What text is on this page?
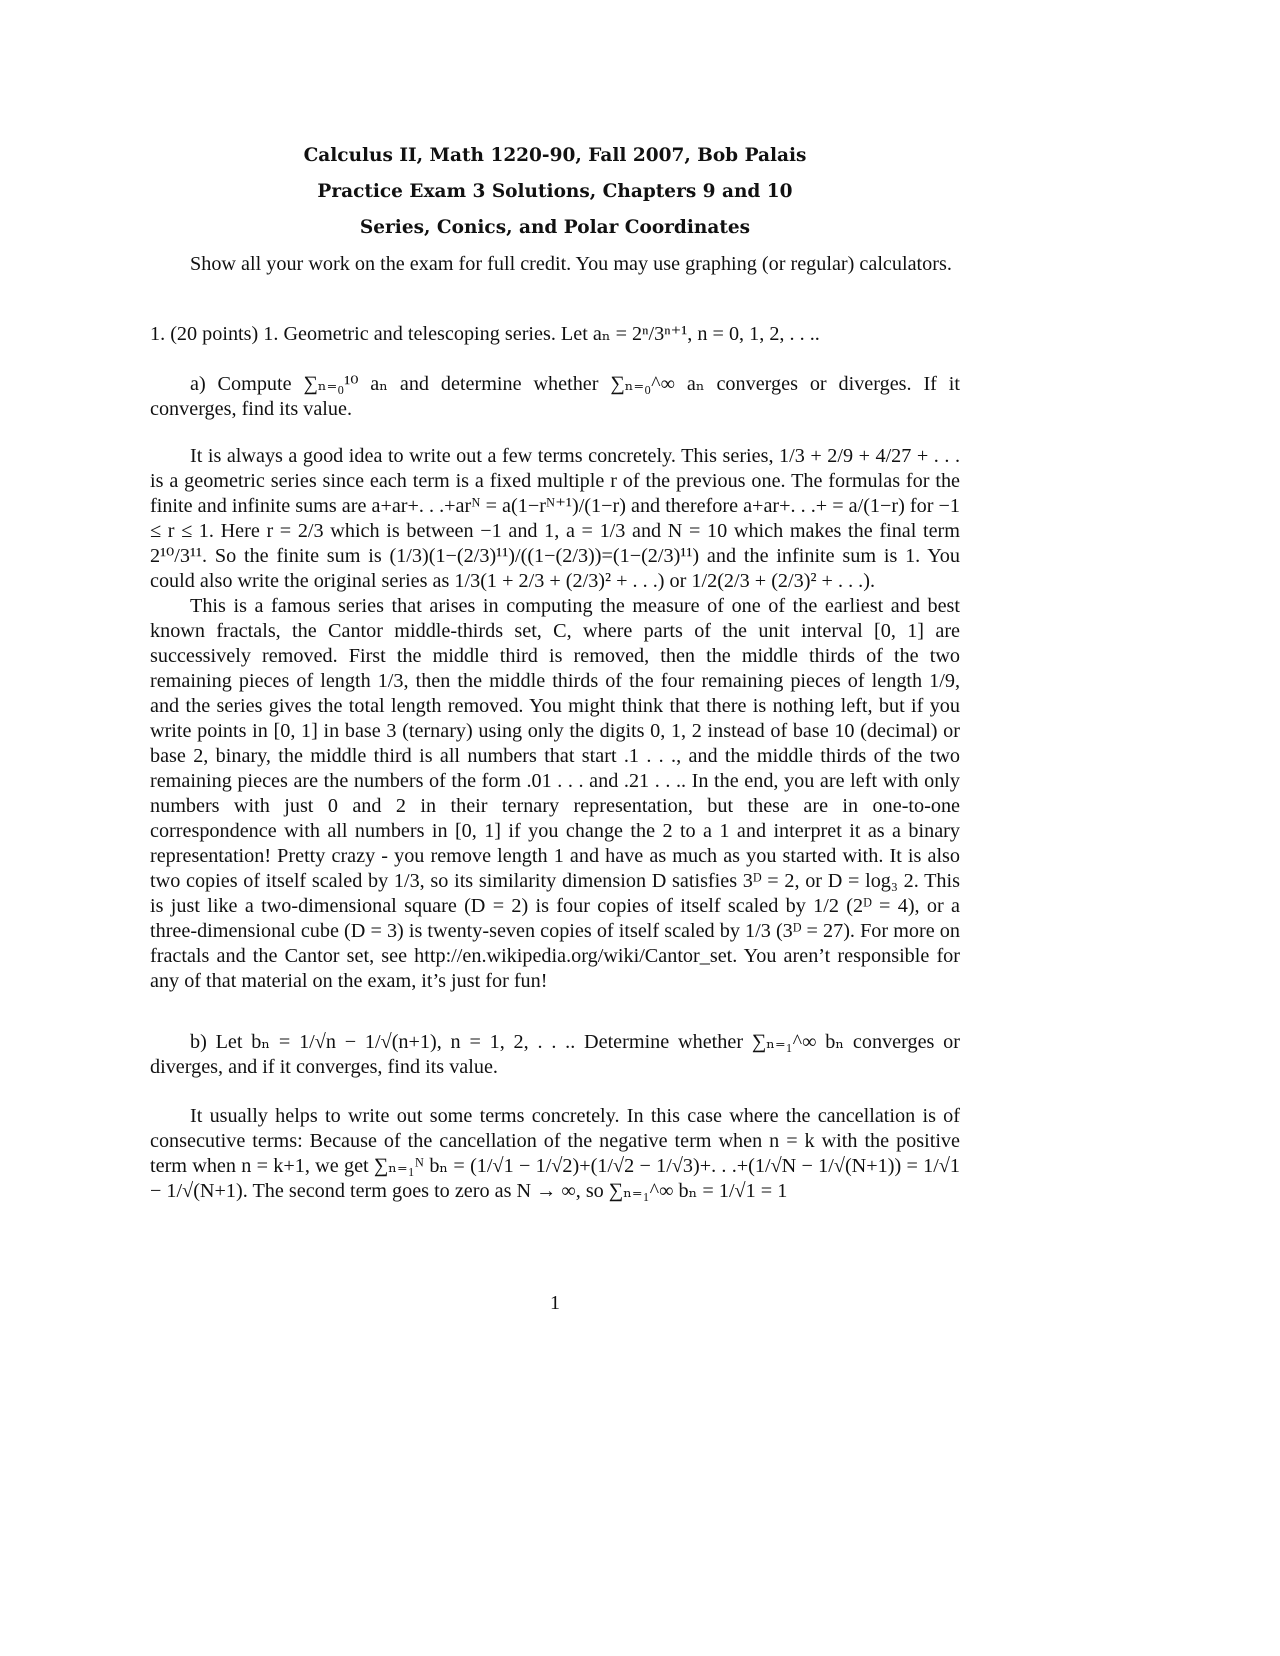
Calculus II, Math 1220-90, Fall 2007, Bob Palais
Practice Exam 3 Solutions, Chapters 9 and 10
Series, Conics, and Polar Coordinates

Show all your work on the exam for full credit. You may use graphing (or regular) calculators.

1. (20 points) 1. Geometric and telescoping series. Let aₙ = 2ⁿ/3ⁿ⁺¹, n = 0, 1, 2, . . ..

a) Compute ∑ₙ₌₀¹⁰ aₙ and determine whether ∑ₙ₌₀^∞ aₙ converges or diverges. If it converges, find its value.

It is always a good idea to write out a few terms concretely. This series, 1/3 + 2/9 + 4/27 + . . . is a geometric series since each term is a fixed multiple r of the previous one. The formulas for the finite and infinite sums are a+ar+. . .+arᴺ = a(1−rᴺ⁺¹)/(1−r) and therefore a+ar+. . .+ = a/(1−r) for −1 ≤ r ≤ 1. Here r = 2/3 which is between −1 and 1, a = 1/3 and N = 10 which makes the final term 2¹⁰/3¹¹. So the finite sum is (1/3)(1−(2/3)¹¹)/((1−(2/3))=(1−(2/3)¹¹) and the infinite sum is 1. You could also write the original series as 1/3(1 + 2/3 + (2/3)² + . . .) or 1/2(2/3 + (2/3)² + . . .).

This is a famous series that arises in computing the measure of one of the earliest and best known fractals, the Cantor middle-thirds set, C, where parts of the unit interval [0, 1] are successively removed. First the middle third is removed, then the middle thirds of the two remaining pieces of length 1/3, then the middle thirds of the four remaining pieces of length 1/9, and the series gives the total length removed. You might think that there is nothing left, but if you write points in [0, 1] in base 3 (ternary) using only the digits 0, 1, 2 instead of base 10 (decimal) or base 2, binary, the middle third is all numbers that start .1 . . ., and the middle thirds of the two remaining pieces are the numbers of the form .01 . . . and .21 . . .. In the end, you are left with only numbers with just 0 and 2 in their ternary representation, but these are in one-to-one correspondence with all numbers in [0, 1] if you change the 2 to a 1 and interpret it as a binary representation! Pretty crazy - you remove length 1 and have as much as you started with. It is also two copies of itself scaled by 1/3, so its similarity dimension D satisfies 3ᴰ = 2, or D = log₃ 2. This is just like a two-dimensional square (D = 2) is four copies of itself scaled by 1/2 (2ᴰ = 4), or a three-dimensional cube (D = 3) is twenty-seven copies of itself scaled by 1/3 (3ᴰ = 27). For more on fractals and the Cantor set, see http://en.wikipedia.org/wiki/Cantor_set. You aren’t responsible for any of that material on the exam, it’s just for fun!

b) Let bₙ = 1/√n − 1/√(n+1), n = 1, 2, . . .. Determine whether ∑ₙ₌₁^∞ bₙ converges or diverges, and if it converges, find its value.

It usually helps to write out some terms concretely. In this case where the cancellation is of consecutive terms: Because of the cancellation of the negative term when n = k with the positive term when n = k+1, we get ∑ₙ₌₁ᴺ bₙ = (1/√1 − 1/√2)+(1/√2 − 1/√3)+. . .+(1/√N − 1/√(N+1)) = 1/√1 − 1/√(N+1). The second term goes to zero as N → ∞, so ∑ₙ₌₁^∞ bₙ = 1/√1 = 1

1
